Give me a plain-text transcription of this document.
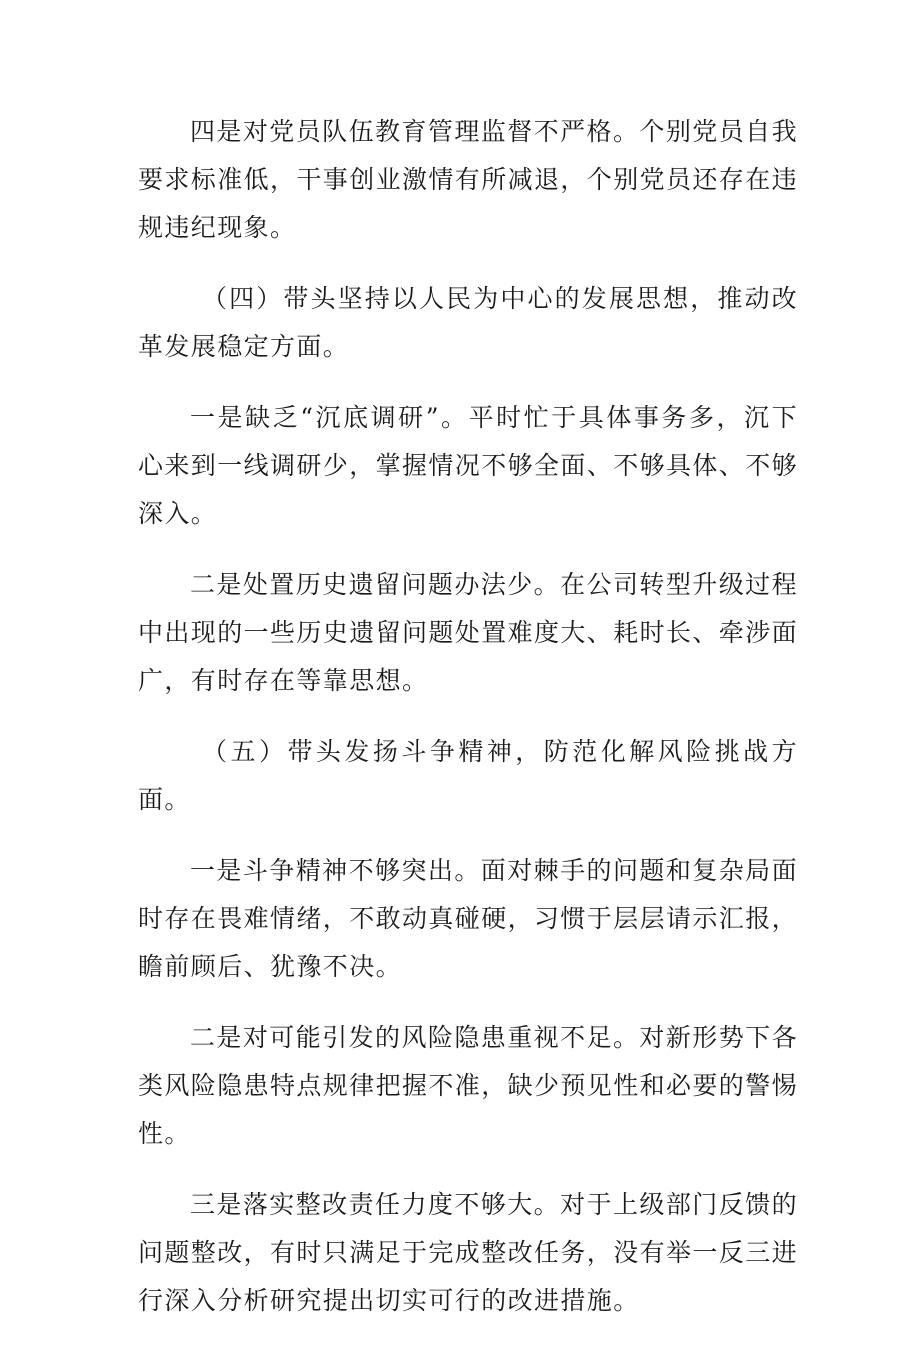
四是对党员队伍教育管理监督不严格。个别党员自我要求标准低，干事创业激情有所减退，个别党员还存在违规违纪现象。

（四）带头坚持以人民为中心的发展思想，推动改革发展稳定方面。

一是缺乏“沉底调研”。平时忙于具体事务多，沉下心来到一线调研少，掌握情况不够全面、不够具体、不够深入。

二是处置历史遗留问题办法少。在公司转型升级过程中出现的一些历史遗留问题处置难度大、耗时长、牵涉面广，有时存在等靠思想。

（五）带头发扬斗争精神，防范化解风险挑战方面。

一是斗争精神不够突出。面对棘手的问题和复杂局面时存在畏难情绪，不敢动真碰硬，习惯于层层请示汇报，瞻前顾后、犹豫不决。

二是对可能引发的风险隐患重视不足。对新形势下各类风险隐患特点规律把握不准，缺少预见性和必要的警惕性。

三是落实整改责任力度不够大。对于上级部门反馈的问题整改，有时只满足于完成整改任务，没有举一反三进行深入分析研究提出切实可行的改进措施。
